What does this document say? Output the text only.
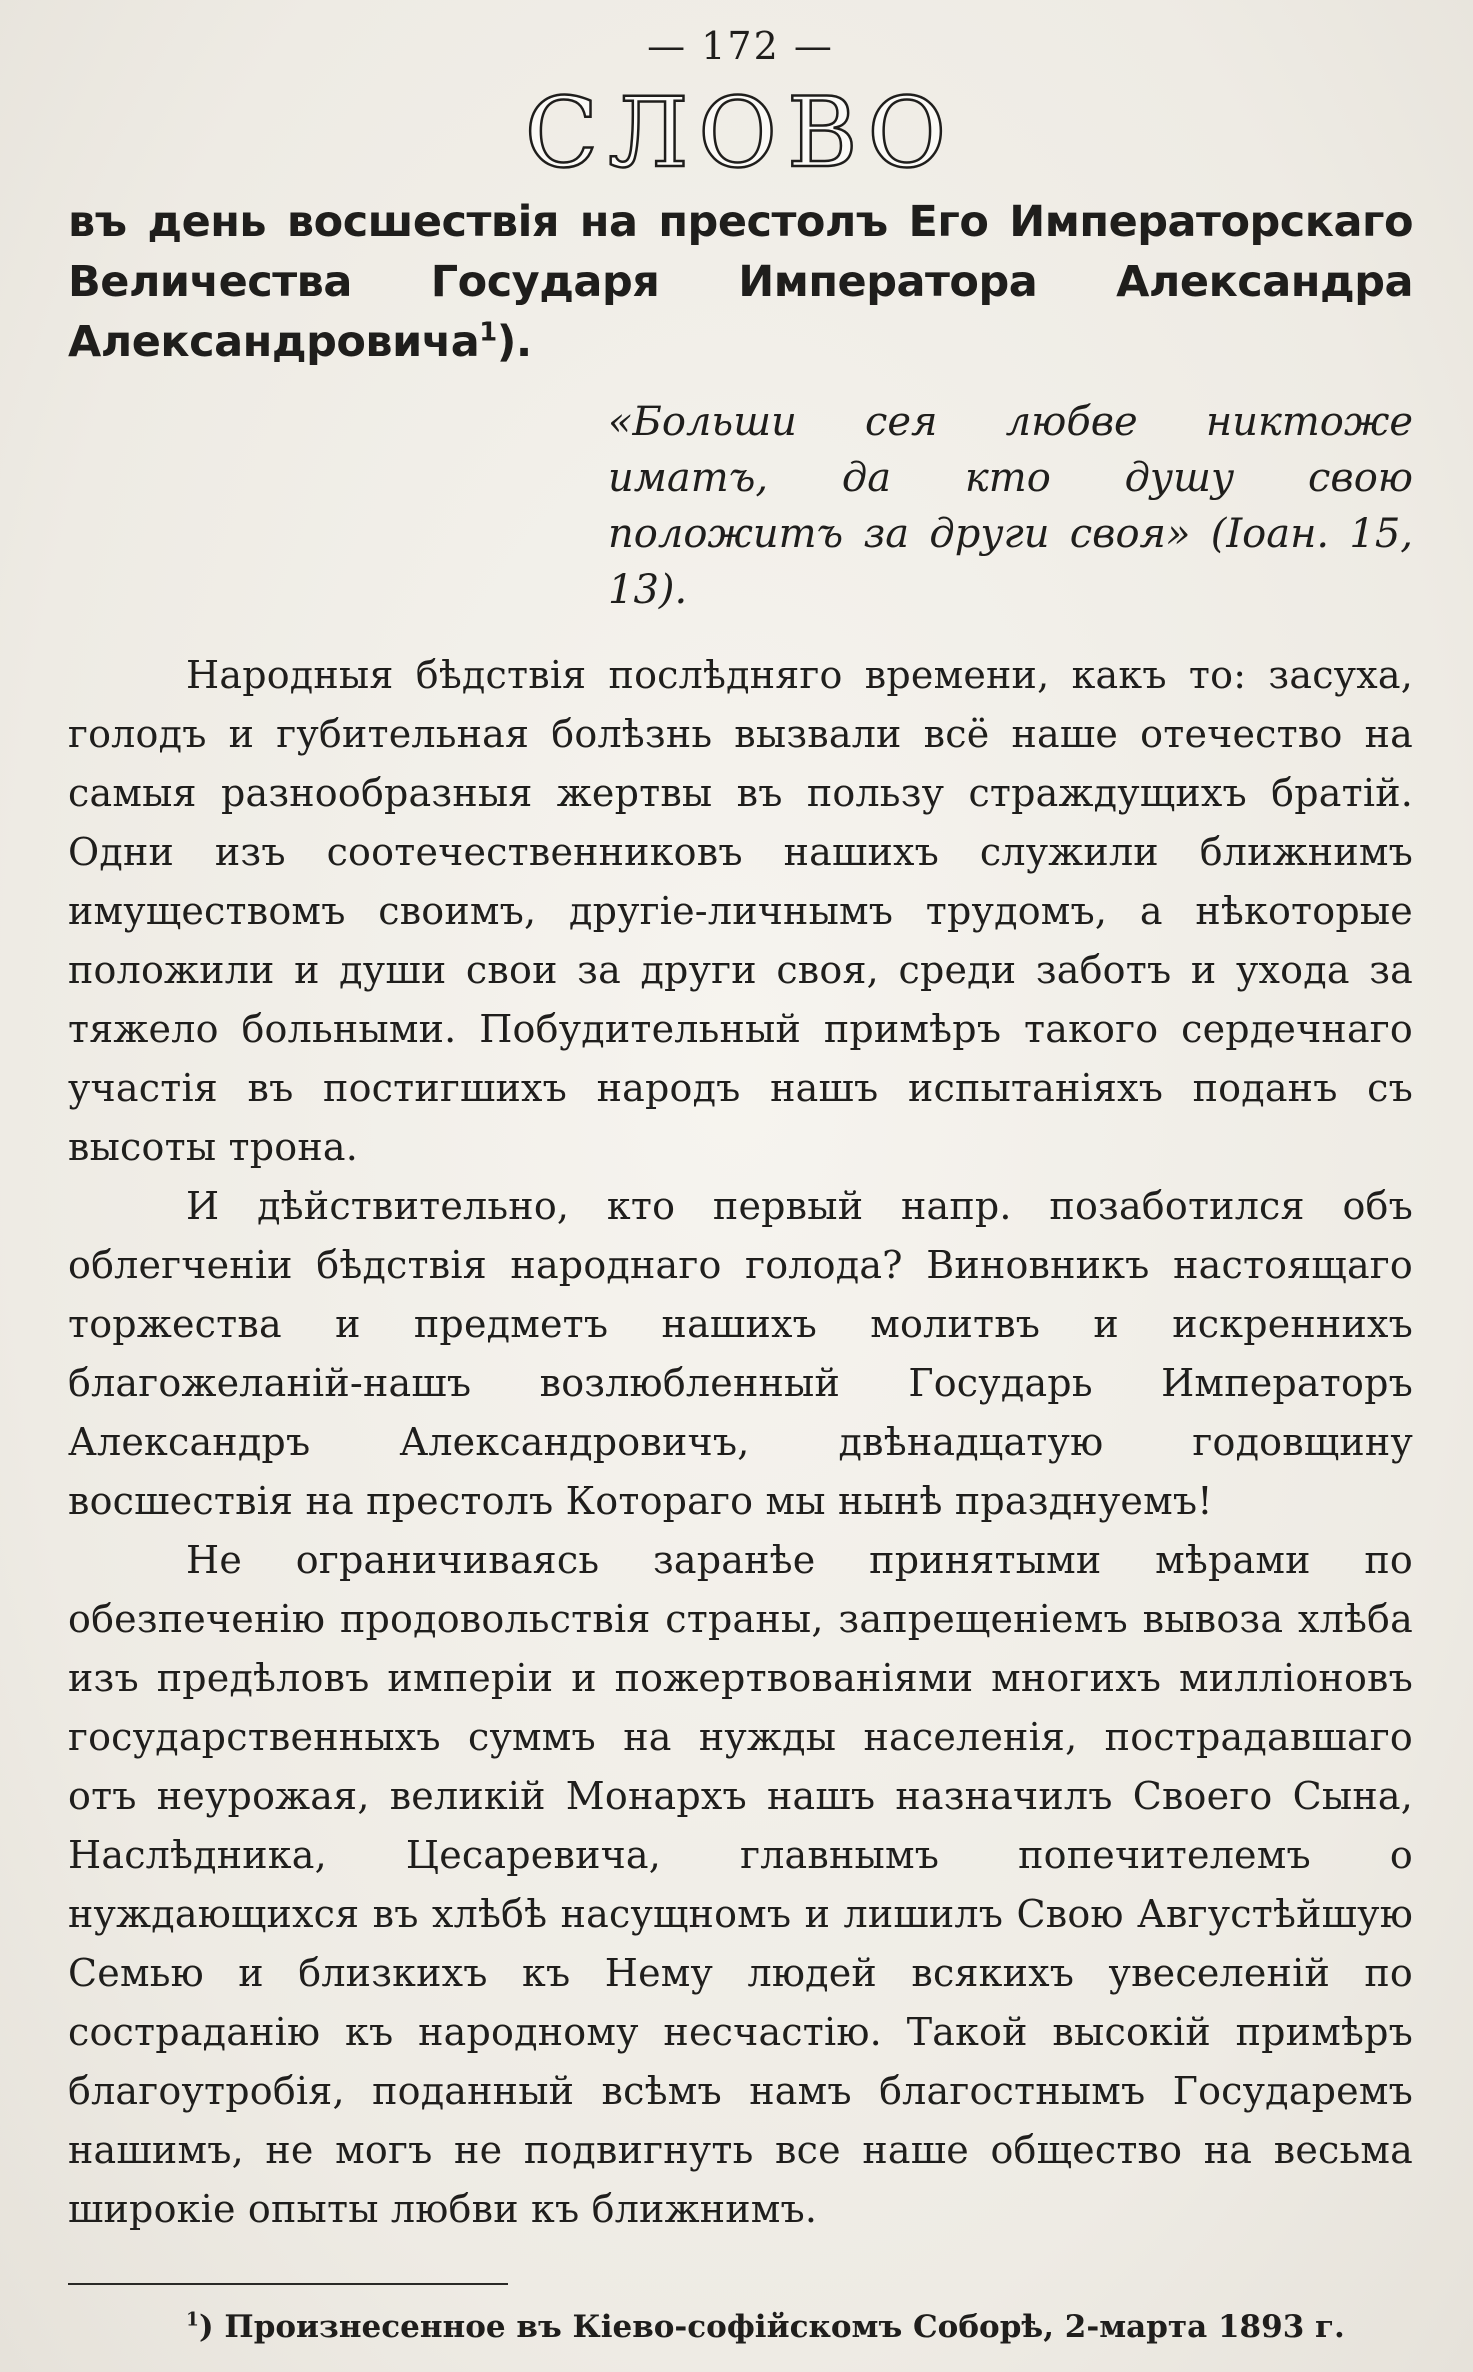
— 172 —
СЛОВО
въ день восшествія на престолъ Его Императорскаго Величества Государя Императора Александра Александровича$^1$).
«Больши сея любве никтоже иматъ, да кто душу свою положитъ за други своя» (Іоан. 15, 13).

Народныя бѣдствія послѣдняго времени, какъ то: засуха, голодъ и губительная болѣзнь вызвали всё наше отечество на самыя разнообразныя жертвы въ пользу страждущихъ братій. Одни изъ соотечественниковъ нашихъ служили ближнимъ имуществомъ своимъ, другіе-личнымъ трудомъ, а нѣкоторые положили и души свои за други своя, среди заботъ и ухода за тяжело больными. Побудительный примѣръ такого сердечнаго участія въ постигшихъ народъ нашъ испытаніяхъ поданъ съ высоты трона.

И дѣйствительно, кто первый напр. позаботился объ облегченіи бѣдствія народнаго голода? Виновникъ настоящаго торжества и предметъ нашихъ молитвъ и искреннихъ благожеланій-нашъ возлюбленный Государь Императоръ Александръ Александровичъ, двѣнадцатую годовщину восшествія на престолъ Котораго мы нынѣ празднуемъ!

Не ограничиваясь заранѣе принятыми мѣрами по обезпеченію продовольствія страны, запрещеніемъ вывоза хлѣба изъ предѣловъ имперіи и пожертвованіями многихъ милліоновъ государственныхъ суммъ на нужды населенія, пострадавшаго отъ неурожая, великій Монархъ нашъ назначилъ Своего Сына, Наслѣдника, Цесаревича, главнымъ попечителемъ о нуждающихся въ хлѣбѣ насущномъ и лишилъ Свою Августѣйшую Семью и близкихъ къ Нему людей всякихъ увеселеній по состраданію къ народному несчастію. Такой высокій примѣръ благоутробія, поданный всѣмъ намъ благостнымъ Государемъ нашимъ, не могъ не подвигнуть все наше общество на весьма широкіе опыты любви къ ближнимъ.

$^1$) Произнесенное въ Кіево-софійскомъ Соборѣ, 2-марта 1893 г.
